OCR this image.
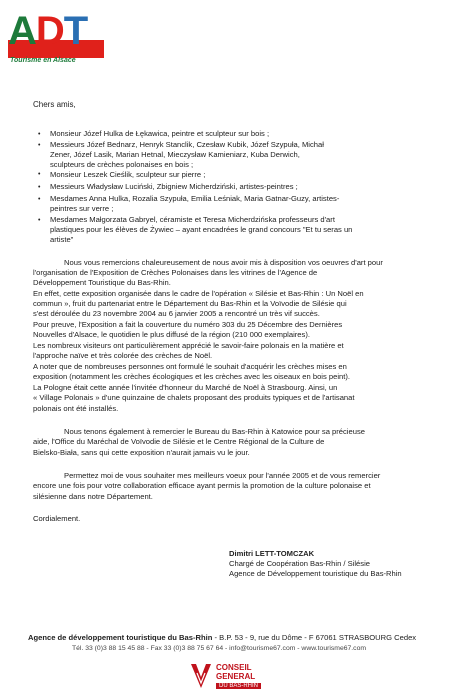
ADT
Tourisme en Alsace
Chers amis,
•
•
•
•
•
•
Monsieur Józef Hulka de Łękawica, peintre et sculpteur sur bois ;
Messieurs Józef Bednarz, Henryk Stanclik, Czesław Kubik, Józef Szypuła, Michał
Zener, Józef Lasik, Marian Hetnal, Mieczysław Kamieniarz, Kuba Derwich,
sculpteurs de crèches polonaises en bois ;
Monsieur Leszek Cieślik, sculpteur sur pierre ;
Messieurs Władysław Luciński, Zbigniew Micherdziński, artistes-peintres ;
Mesdames Anna Hulka, Rozalia Szypuła, Emilia Leśniak, Maria Gatnar-Guzy, artistes-
peintres sur verre ;
Mesdames Małgorzata Gabryel, céramiste et Teresa Micherdzińska professeurs d'art
plastiques pour les élèves de Żywiec – ayant encadrées le grand concours "Et tu seras un
artiste"
Nous vous remercions chaleureusement de nous avoir mis à disposition vos oeuvres d'art pour
l'organisation de l'Exposition de Crèches Polonaises dans les vitrines de l'Agence de
Développement Touristique du Bas-Rhin.
En effet, cette exposition organisée dans le cadre de l'opération « Silésie et Bas-Rhin : Un Noël en
commun », fruit du partenariat entre le Département du Bas-Rhin et la Voïvodie de Silésie qui
s'est déroulée du 23 novembre 2004 au 6 janvier 2005 a rencontré un très vif succès.
Pour preuve, l'Exposition a fait la couverture du numéro 303 du 25 Décembre des Dernières
Nouvelles d'Alsace, le quotidien le plus diffusé de la région (210 000 exemplaires).
Les nombreux visiteurs ont particulièrement apprécié le savoir-faire polonais en la matière et
l'approche naïve et très colorée des crèches de Noël.
A noter que de nombreuses personnes ont formulé le souhait d'acquérir les crèches mises en
exposition (notamment les crèches écologiques et les crèches avec les oiseaux en bois peint).
La Pologne était cette année l'invitée d'honneur du Marché de Noël à Strasbourg. Ainsi, un
« Village Polonais » d'une quinzaine de chalets proposant des produits typiques et de l'artisanat
polonais ont été installés.
Nous tenons également à remercier le Bureau du Bas-Rhin à Katowice pour sa précieuse
aide, l'Office du Maréchal de Voïvodie de Silésie et le Centre Régional de la Culture de
Bielsko-Biała, sans qui cette exposition n'aurait jamais vu le jour.
Permettez moi de vous souhaiter mes meilleurs voeux pour l'année 2005 et de vous remercier
encore une fois pour votre collaboration efficace ayant permis la promotion de la culture polonaise et
silésienne dans notre Département.
Cordialement.
Dimitri LETT-TOMCZAK
Chargé de Coopération Bas-Rhin / Silésie
Agence de Développement touristique du Bas-Rhin
Agence de développement touristique du Bas-Rhin - B.P. 53 - 9, rue du Dôme - F 67061 STRASBOURG Cedex
Tél. 33 (0)3 88 15 45 88 - Fax 33 (0)3 88 75 67 64 - info@tourisme67.com - www.tourisme67.com
CONSEIL
GENERAL
DU BAS-RHIN
